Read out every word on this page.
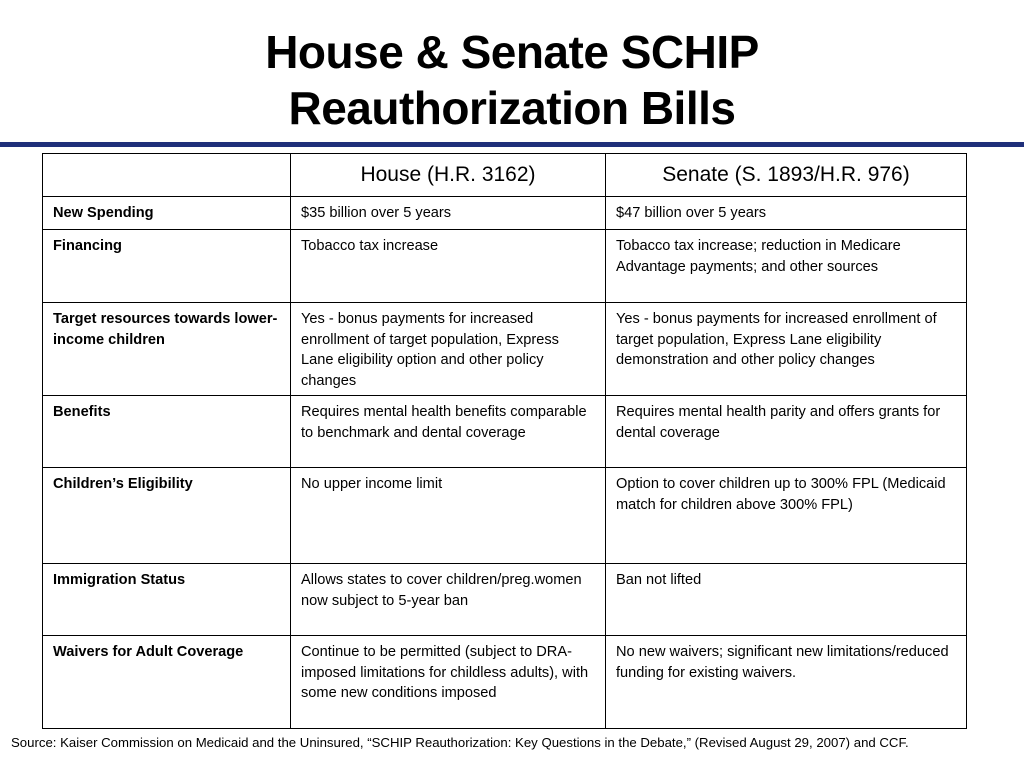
House & Senate SCHIP
Reauthorization Bills

	House (H.R. 3162)	Senate (S. 1893/H.R. 976)

New Spending	$35 billion over 5 years	$47 billion over 5 years

Financing	Tobacco tax increase	Tobacco tax increase; reduction in Medicare Advantage payments; and other sources

Target resources towards lower-income children	Yes - bonus payments for increased enrollment of target population, Express Lane eligibility option and other policy changes	Yes - bonus payments for increased enrollment of target population, Express Lane eligibility demonstration and other policy changes

Benefits	Requires mental health benefits comparable to benchmark and dental coverage	Requires mental health parity and offers grants for dental coverage

Children’s Eligibility	No upper income limit	Option to cover children up to 300% FPL (Medicaid match for children above 300% FPL)

Immigration Status	Allows states to cover children/preg.women now subject to 5-year ban	Ban not lifted

Waivers for Adult Coverage	Continue to be permitted (subject to DRA-imposed limitations for childless adults), with some new conditions imposed	No new waivers; significant new limitations/reduced funding for existing waivers.

Source: Kaiser Commission on Medicaid and the Uninsured, “SCHIP Reauthorization: Key Questions in the Debate,” (Revised August 29, 2007) and CCF.
